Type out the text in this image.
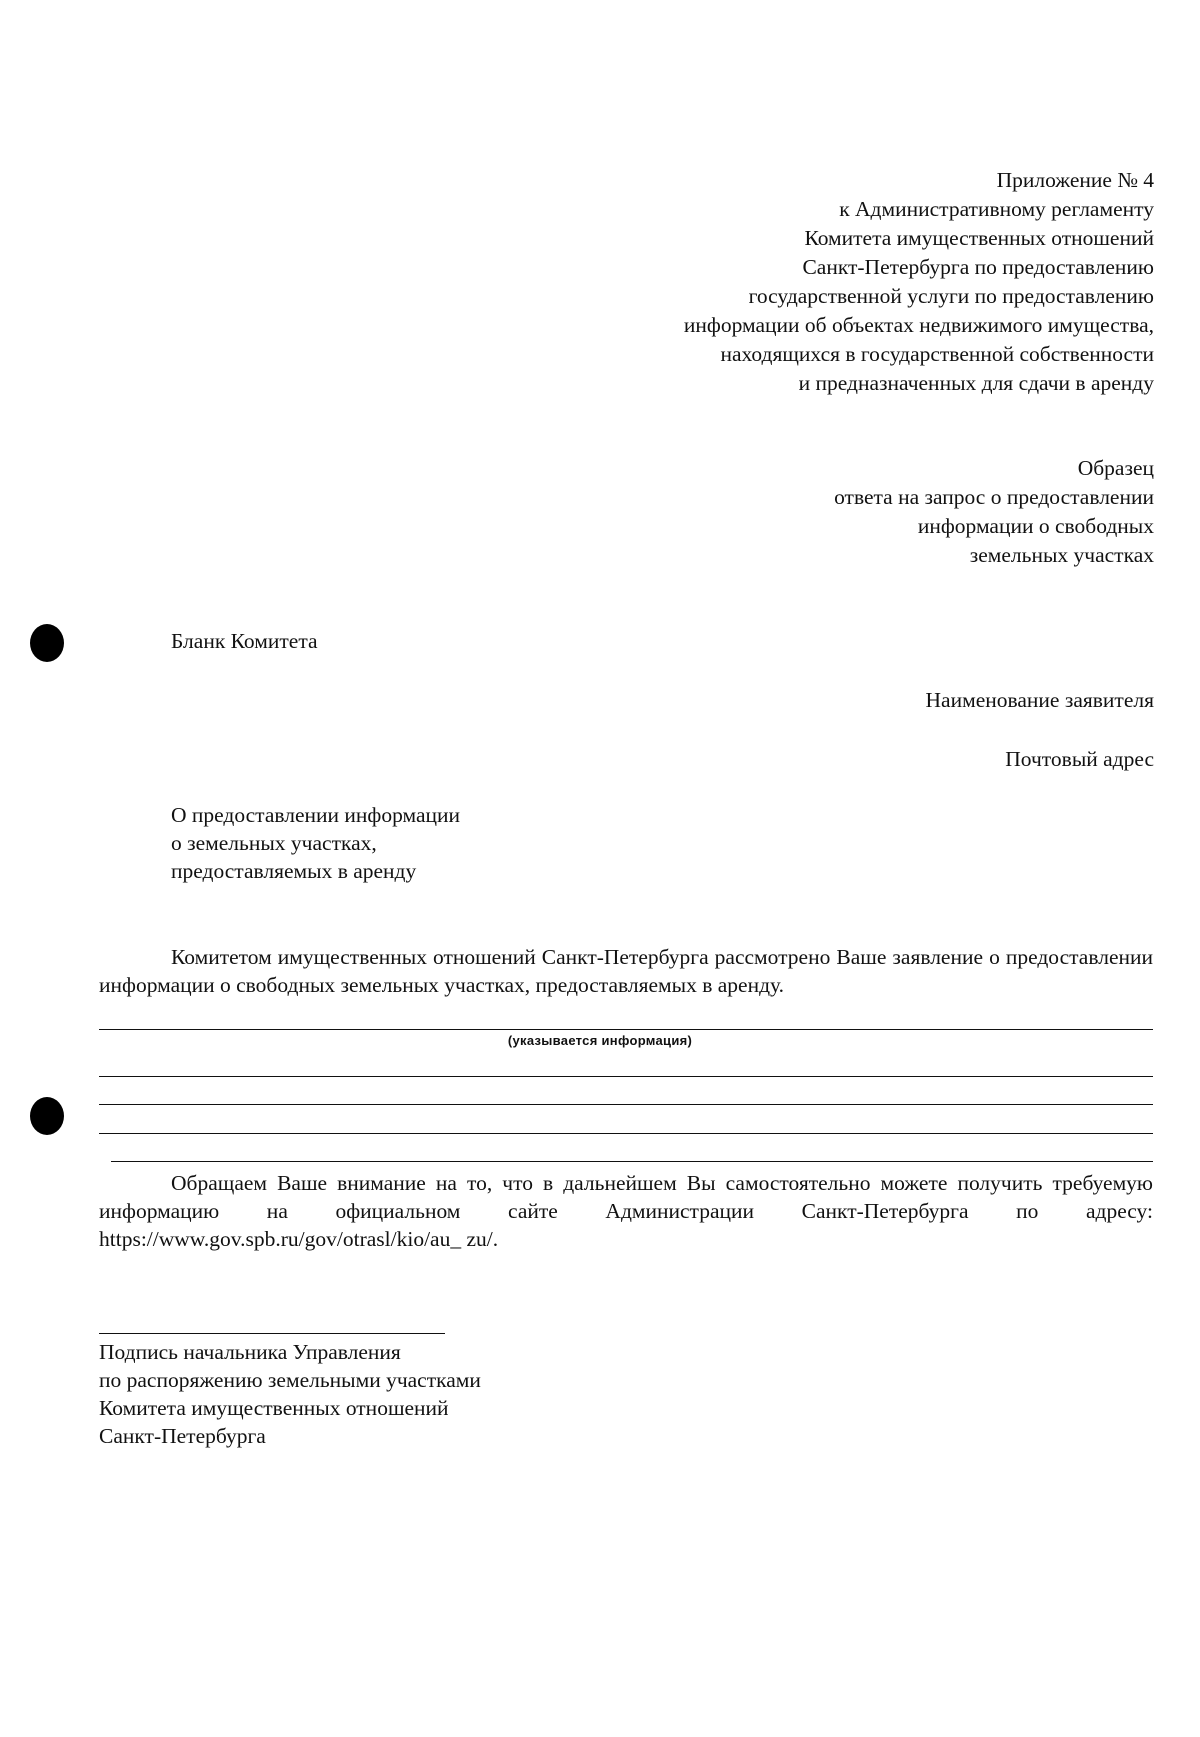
Приложение № 4
к Административному регламенту
Комитета имущественных отношений
Санкт-Петербурга по предоставлению
государственной услуги по предоставлению
информации об объектах недвижимого имущества,
находящихся в государственной собственности
и предназначенных для сдачи в аренду
Образец
ответа на запрос о предоставлении
информации о свободных
земельных участках
Бланк Комитета
Наименование заявителя
Почтовый адрес
О предоставлении информации
о земельных участках,
предоставляемых в аренду
Комитетом имущественных отношений Санкт-Петербурга рассмотрено Ваше заявление о предоставлении информации о свободных земельных участках, предоставляемых в аренду.
(указывается информация)
Обращаем Ваше внимание на то, что в дальнейшем Вы самостоятельно можете получить требуемую информацию на официальном сайте Администрации Санкт-Петербурга по адресу: https://www.gov.spb.ru/gov/otrasl/kio/au_ zu/.
Подпись начальника Управления
по распоряжению земельными участками
Комитета имущественных отношений
Санкт-Петербурга
